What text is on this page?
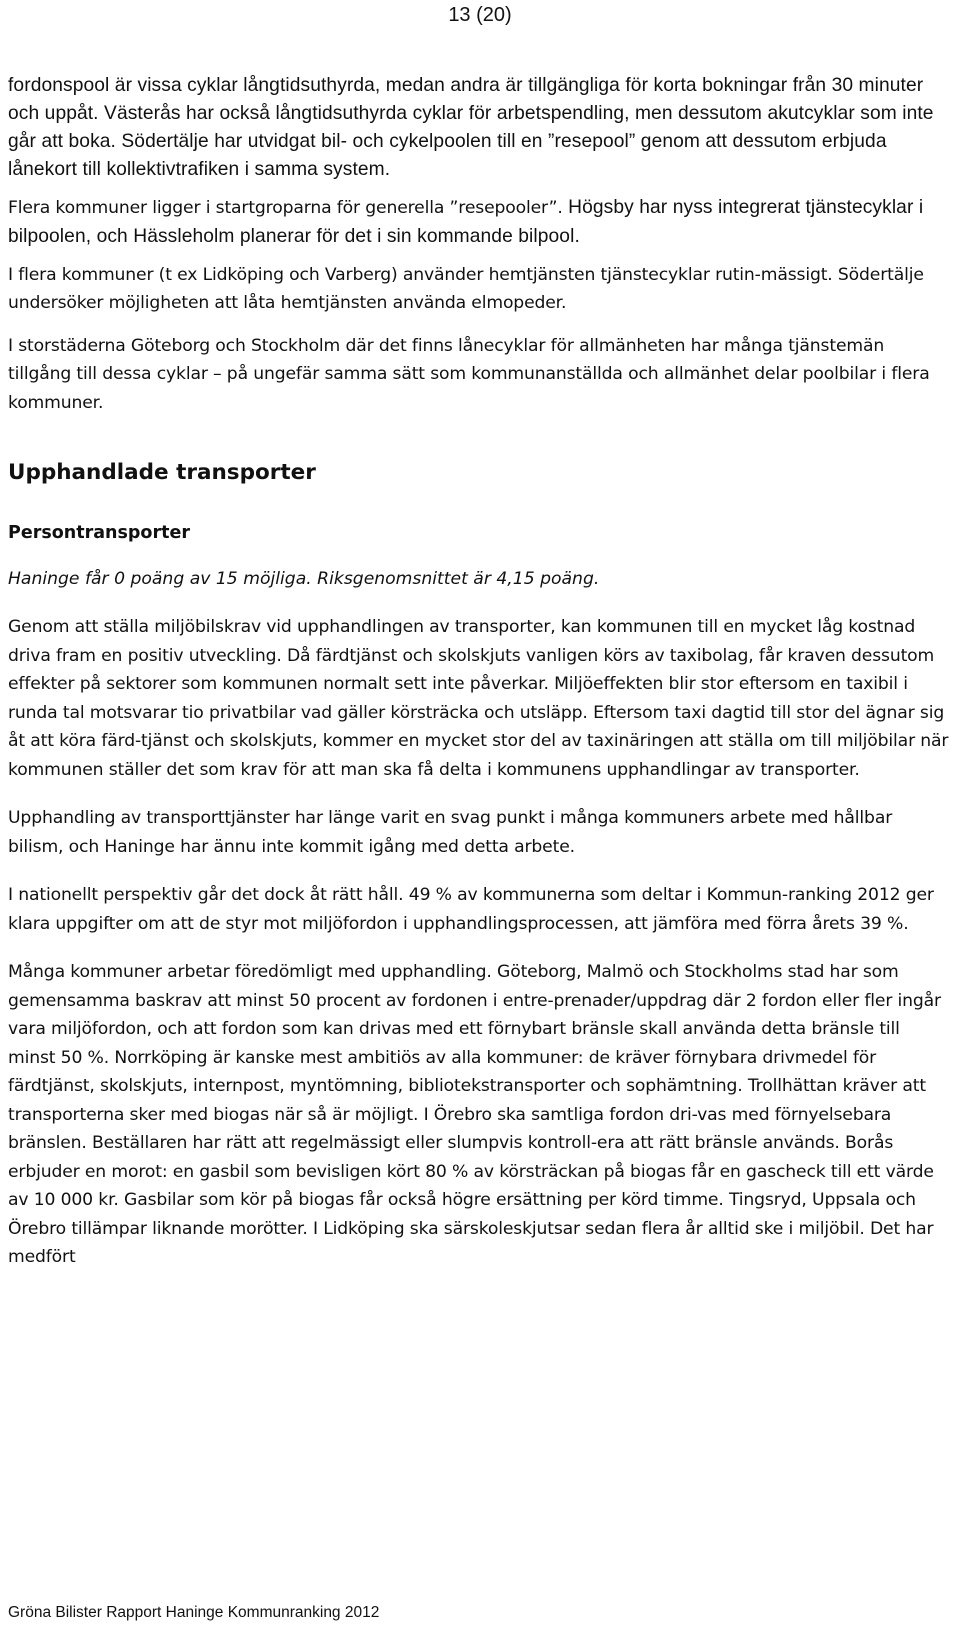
13 (20)

fordonspool är vissa cyklar långtidsuthyrda, medan andra är tillgängliga för korta bokningar från 30 minuter och uppåt. Västerås har också långtidsuthyrda cyklar för arbetspendling, men dessutom akutcyklar som inte går att boka. Södertälje har utvidgat bil- och cykelpoolen till en ”resepool” genom att dessutom erbjuda lånekort till kollektivtrafiken i samma system.

Flera kommuner ligger i startgroparna för generella ”resepooler”. Högsby har nyss integrerat tjänstecyklar i bilpoolen, och Hässleholm planerar för det i sin kommande bilpool.

I flera kommuner (t ex Lidköping och Varberg) använder hemtjänsten tjänstecyklar rutin-mässigt. Södertälje undersöker möjligheten att låta hemtjänsten använda elmopeder.

I storstäderna Göteborg och Stockholm där det finns lånecyklar för allmänheten har många tjänstemän tillgång till dessa cyklar – på ungefär samma sätt som kommunanställda och allmänhet delar poolbilar i flera kommuner.

Upphandlade transporter
Persontransporter

Haninge får 0 poäng av 15 möjliga. Riksgenomsnittet är 4,15 poäng.

Genom att ställa miljöbilskrav vid upphandlingen av transporter, kan kommunen till en mycket låg kostnad driva fram en positiv utveckling. Då färdtjänst och skolskjuts vanligen körs av taxibolag, får kraven dessutom effekter på sektorer som kommunen normalt sett inte påverkar. Miljöeffekten blir stor eftersom en taxibil i runda tal motsvarar tio privatbilar vad gäller körsträcka och utsläpp. Eftersom taxi dagtid till stor del ägnar sig åt att köra färd-tjänst och skolskjuts, kommer en mycket stor del av taxinäringen att ställa om till miljöbilar när kommunen ställer det som krav för att man ska få delta i kommunens upphandlingar av transporter.

Upphandling av transporttjänster har länge varit en svag punkt i många kommuners arbete med hållbar bilism, och Haninge har ännu inte kommit igång med detta arbete.

I nationellt perspektiv går det dock åt rätt håll. 49 % av kommunerna som deltar i Kommun-ranking 2012 ger klara uppgifter om att de styr mot miljöfordon i upphandlingsprocessen, att jämföra med förra årets 39 %.

Många kommuner arbetar föredömligt med upphandling. Göteborg, Malmö och Stockholms stad har som gemensamma baskrav att minst 50 procent av fordonen i entre-prenader/uppdrag där 2 fordon eller fler ingår vara miljöfordon, och att fordon som kan drivas med ett förnybart bränsle skall använda detta bränsle till minst 50 %. Norrköping är kanske mest ambitiös av alla kommuner: de kräver förnybara drivmedel för färdtjänst, skolskjuts, internpost, myntömning, bibliotekstransporter och sophämtning. Trollhättan kräver att transporterna sker med biogas när så är möjligt. I Örebro ska samtliga fordon dri-vas med förnyelsebara bränslen. Beställaren har rätt att regelmässigt eller slumpvis kontroll-era att rätt bränsle används. Borås erbjuder en morot: en gasbil som bevisligen kört 80 % av körsträckan på biogas får en gascheck till ett värde av 10 000 kr. Gasbilar som kör på biogas får också högre ersättning per körd timme. Tingsryd, Uppsala och Örebro tillämpar liknande morötter. I Lidköping ska särskoleskjutsar sedan flera år alltid ske i miljöbil. Det har medfört

Gröna Bilister Rapport Haninge Kommunranking 2012
